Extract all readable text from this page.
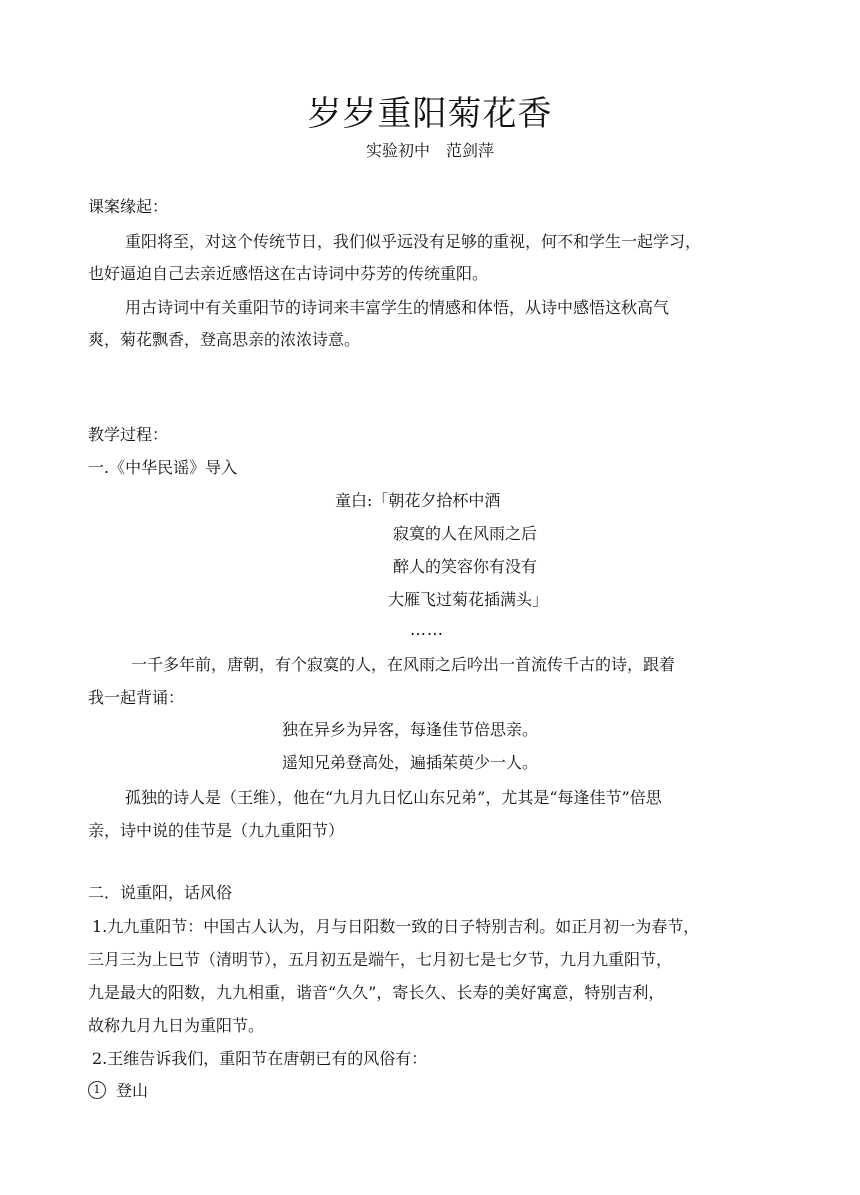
岁岁重阳菊花香
实验初中　范剑萍
课案缘起：
重阳将至，对这个传统节日，我们似乎远没有足够的重视，何不和学生一起学习，
也好逼迫自己去亲近感悟这在古诗词中芬芳的传统重阳。
用古诗词中有关重阳节的诗词来丰富学生的情感和体悟，从诗中感悟这秋高气
爽，菊花飘香，登高思亲的浓浓诗意。
教学过程：
一.《中华民谣》导入
童白:「朝花夕拾杯中酒
寂寞的人在风雨之后
醉人的笑容你有没有
大雁飞过菊花插满头」
……
一千多年前，唐朝，有个寂寞的人，在风雨之后吟出一首流传千古的诗，跟着
我一起背诵：
独在异乡为异客，每逢佳节倍思亲。
遥知兄弟登高处，遍插茱萸少一人。
孤独的诗人是（王维），他在“九月九日忆山东兄弟”，尤其是“每逢佳节”倍思
亲，诗中说的佳节是（九九重阳节）
二．说重阳，话风俗
1.九九重阳节：中国古人认为，月与日阳数一致的日子特别吉利。如正月初一为春节，
三月三为上巳节（清明节），五月初五是端午，七月初七是七夕节，九月九重阳节，
九是最大的阳数，九九相重，谐音“久久”，寄长久、长寿的美好寓意，特别吉利，
故称九月九日为重阳节。
2.王维告诉我们，重阳节在唐朝已有的风俗有：
1 登山
